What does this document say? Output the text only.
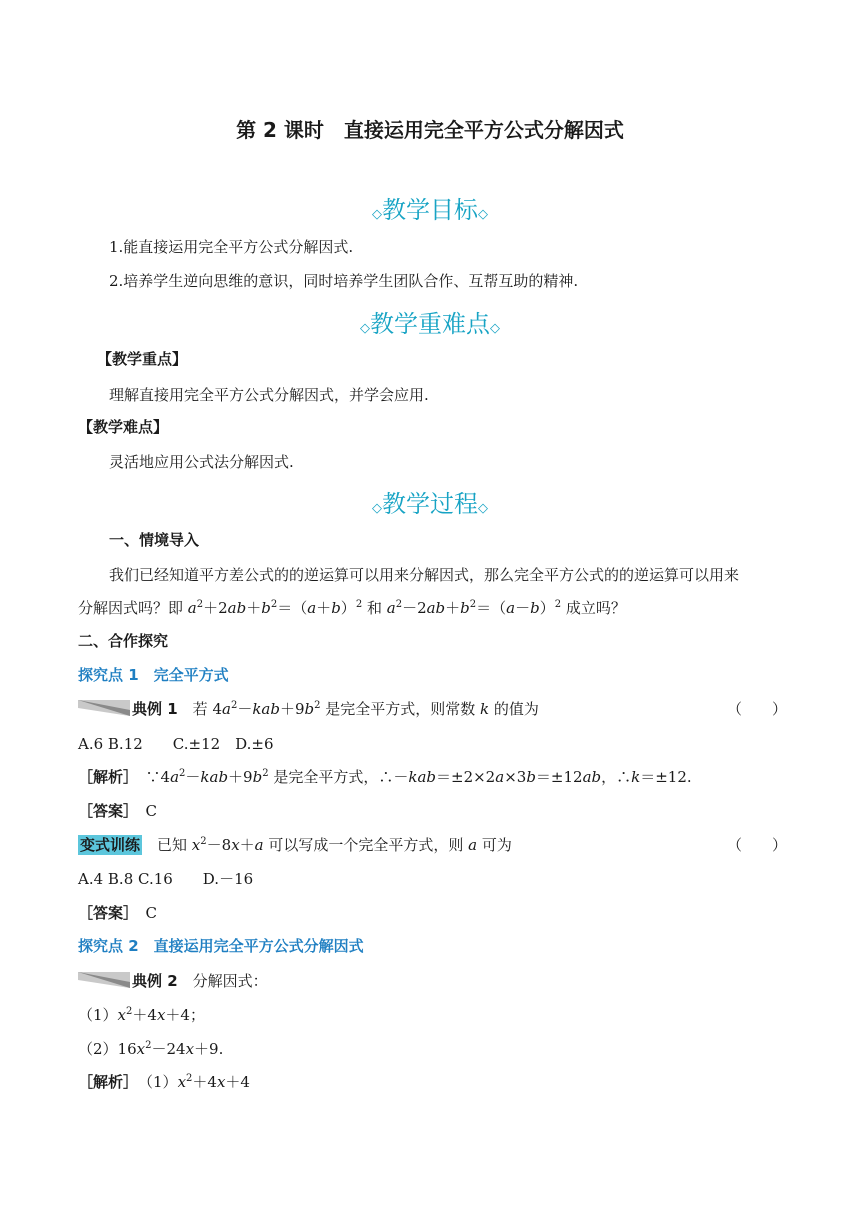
第 2 课时　直接运用完全平方公式分解因式
◇教学目标◇
1.能直接运用完全平方公式分解因式.
2.培养学生逆向思维的意识，同时培养学生团队合作、互帮互助的精神.
◇教学重难点◇
【教学重点】
理解直接用完全平方公式分解因式，并学会应用.
【教学难点】
灵活地应用公式法分解因式.
◇教学过程◇
一、情境导入
我们已经知道平方差公式的的逆运算可以用来分解因式，那么完全平方公式的的逆运算可以用来
分解因式吗？即 $a^2+2ab+b^2=(a+b)^2$ 和 $a^2-2ab+b^2=(a-b)^2$ 成立吗？
二、合作探究
探究点 1　完全平方式
典例 1　若 $4a^2-kab+9b^2$ 是完全平方式，则常数 k 的值为	（　　）
A.6 B.12　　C.±12　D.±6
［解析］　$\because 4a^2-kab+9b^2$ 是完全平方式，∴－kab＝±2×2a×3b＝±12ab，∴k＝±12.
［答案］　 C
变式训练　已知 $x^2-8x+a$ 可以写成一个完全平方式，则 a 可为	（　　）
A.4 B.8 C.16　　D.－16
［答案］　 C
探究点 2　直接运用完全平方公式分解因式
典例 2　分解因式：
$(1)x^2+4x+4$；
$(2)16x^2-24x+9$.
［解析］　$(1)x^2+4x+4$
